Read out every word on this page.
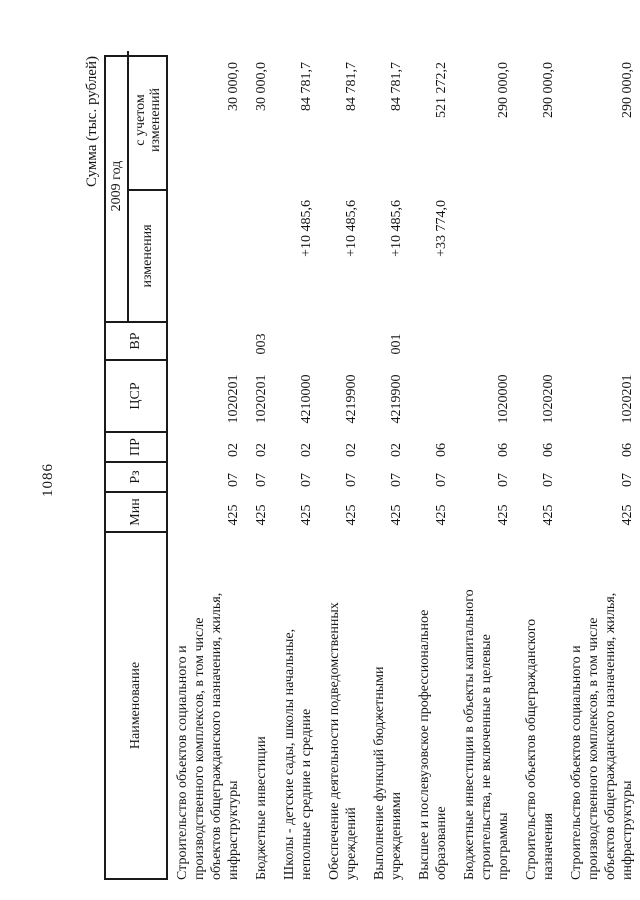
1086
Сумма (тыс. рублей)
Наименование
Мин
Рз
ПР
ЦСР
ВР
2009 год
изменения
с учетом изменений
Строительство объектов социального и производственного комплексов, в том числе объектов общегражданского назначения, жилья, инфраструктуры
425
07
02
1020201
30 000,0
Бюджетные инвестиции
425
07
02
1020201
003
30 000,0
Школы - детские сады, школы начальные, неполные средние и средние
425
07
02
4210000
+10 485,6
84 781,7
Обеспечение деятельности подведомственных учреждений
425
07
02
4219900
+10 485,6
84 781,7
Выполнение функций бюджетными учреждениями
425
07
02
4219900
001
+10 485,6
84 781,7
Высшее и послевузовское профессиональное образование
425
07
06
+33 774,0
521 272,2
Бюджетные инвестиции в объекты капитального строительства, не включенные в целевые программы
425
07
06
1020000
290 000,0
Строительство объектов общегражданского назначения
425
07
06
1020200
290 000,0
Строительство объектов социального и производственного комплексов, в том числе объектов общегражданского назначения, жилья, инфраструктуры
425
07
06
1020201
290 000,0
